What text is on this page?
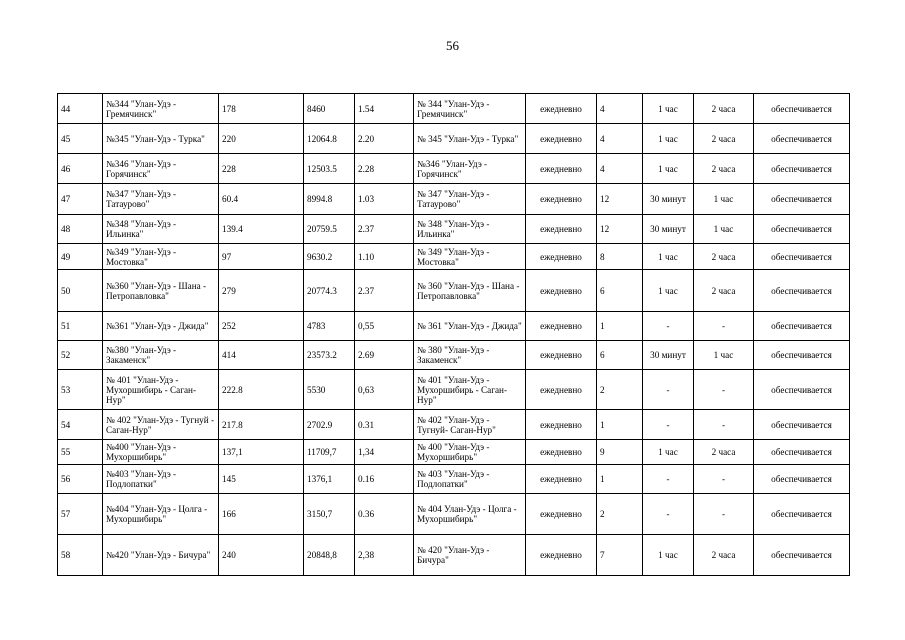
56
44	№344 "Улан-Удэ - Гремячинск"	178	8460	1.54	№ 344 "Улан-Удэ - Гремячинск"	ежедневно	4	1 час	2 часа	обеспечивается
45	№345 "Улан-Удэ - Турка"	220	12064.8	2.20	№ 345 "Улан-Удэ - Турка"	ежедневно	4	1 час	2 часа	обеспечивается
46	№346 "Улан-Удэ - Горячинск"	228	12503.5	2.28	№346 "Улан-Удэ - Горячинск"	ежедневно	4	1 час	2 часа	обеспечивается
47	№347 "Улан-Удэ - Татаурово"	60.4	8994.8	1.03	№ 347 "Улан-Удэ - Татаурово"	ежедневно	12	30 минут	1 час	обеспечивается
48	№348 "Улан-Удэ - Ильинка"	139.4	20759.5	2.37	№ 348 "Улан-Удэ - Ильинка"	ежедневно	12	30 минут	1 час	обеспечивается
49	№349 "Улан-Удэ - Мостовка"	97	9630.2	1.10	№ 349 "Улан-Удэ - Мостовка"	ежедневно	8	1 час	2 часа	обеспечивается
50	№360 "Улан-Удэ - Шана - Петропавловка"	279	20774.3	2.37	№ 360 "Улан-Удэ - Шана - Петропавловка"	ежедневно	6	1 час	2 часа	обеспечивается
51	№361 "Улан-Удэ - Джида"	252	4783	0,55	№ 361 "Улан-Удэ - Джида"	ежедневно	1	-	-	обеспечивается
52	№380 "Улан-Удэ - Закаменск"	414	23573.2	2.69	№ 380 "Улан-Удэ - Закаменск"	ежедневно	6	30 минут	1 час	обеспечивается
53	№ 401 "Улан-Удэ - Мухоршибирь - Саган-Нур"	222.8	5530	0,63	№ 401 "Улан-Удэ - Мухоршибирь - Саган-Нур"	ежедневно	2	-	-	обеспечивается
54	№ 402 "Улан-Удэ - Тугнуй - Саган-Нур"	217.8	2702.9	0.31	№ 402 "Улан-Удэ - Тугнуй- Саган-Нур"	ежедневно	1	-	-	обеспечивается
55	№400 "Улан-Удэ - Мухоршибирь"	137,1	11709,7	1,34	№ 400 "Улан-Удэ - Мухоршибирь"	ежедневно	9	1 час	2 часа	обеспечивается
56	№403 "Улан-Удэ - Подлопатки"	145	1376,1	0.16	№ 403 "Улан-Удэ - Подлопатки"	ежедневно	1	-	-	обеспечивается
57	№404 "Улан-Удэ - Цолга - Мухоршибирь"	166	3150,7	0.36	№ 404 Улан-Удэ - Цолга - Мухоршибирь"	ежедневно	2	-	-	обеспечивается
58	№420 "Улан-Удэ - Бичура"	240	20848,8	2,38	№ 420 "Улан-Удэ - Бичура"	ежедневно	7	1 час	2 часа	обеспечивается
